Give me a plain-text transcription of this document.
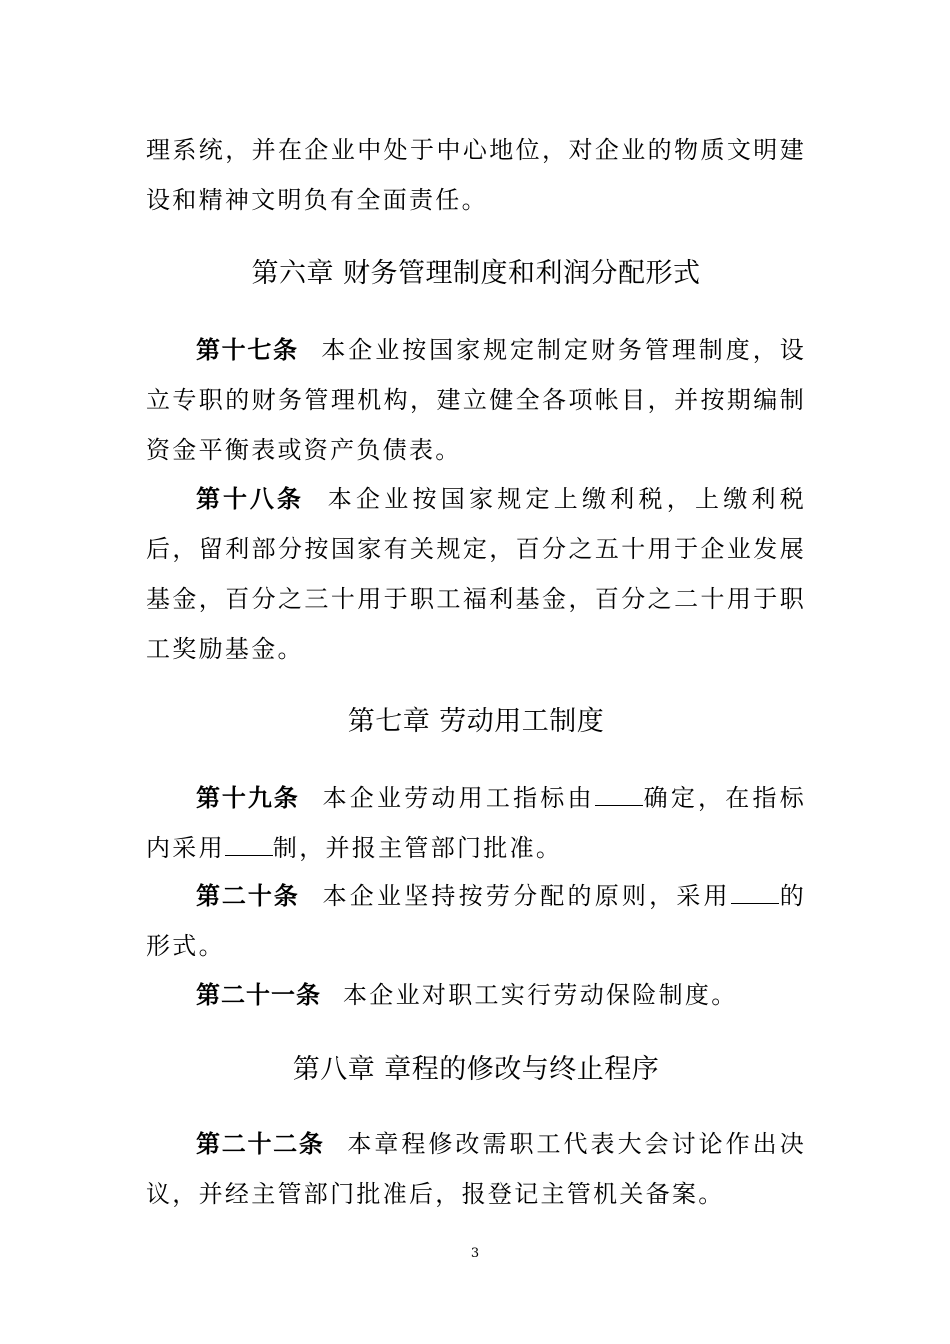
理系统，并在企业中处于中心地位，对企业的物质文明建设和精神文明负有全面责任。

第六章 财务管理制度和利润分配形式

第十七条 本企业按国家规定制定财务管理制度，设立专职的财务管理机构，建立健全各项帐目，并按期编制资金平衡表或资产负债表。

第十八条 本企业按国家规定上缴利税，上缴利税后，留利部分按国家有关规定，百分之五十用于企业发展基金，百分之三十用于职工福利基金，百分之二十用于职工奖励基金。

第七章 劳动用工制度

第十九条 本企业劳动用工指标由 确定，在指标内采用 制，并报主管部门批准。

第二十条 本企业坚持按劳分配的原则，采用 的形式。

第二十一条 本企业对职工实行劳动保险制度。

第八章 章程的修改与终止程序

第二十二条 本章程修改需职工代表大会讨论作出决议，并经主管部门批准后，报登记主管机关备案。

3
